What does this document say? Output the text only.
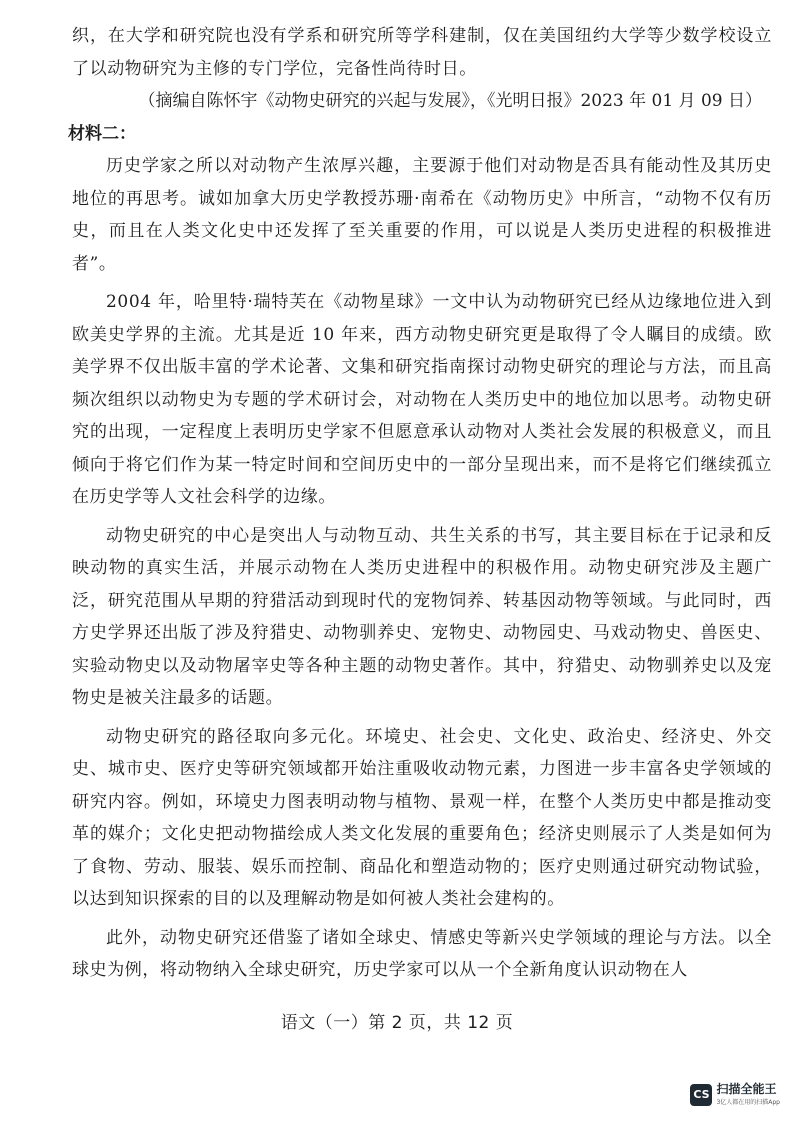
织，在大学和研究院也没有学系和研究所等学科建制，仅在美国纽约大学等少数学校设立了以动物研究为主修的专门学位，完备性尚待时日。

（摘编自陈怀宇《动物史研究的兴起与发展》，《光明日报》2023 年 01 月 09 日）

材料二：

历史学家之所以对动物产生浓厚兴趣，主要源于他们对动物是否具有能动性及其历史地位的再思考。诚如加拿大历史学教授苏珊·南希在《动物历史》中所言，“动物不仅有历史，而且在人类文化史中还发挥了至关重要的作用，可以说是人类历史进程的积极推进者”。

2004 年，哈里特·瑞特芙在《动物星球》一文中认为动物研究已经从边缘地位进入到欧美史学界的主流。尤其是近 10 年来，西方动物史研究更是取得了令人瞩目的成绩。欧美学界不仅出版丰富的学术论著、文集和研究指南探讨动物史研究的理论与方法，而且高频次组织以动物史为专题的学术研讨会，对动物在人类历史中的地位加以思考。动物史研究的出现，一定程度上表明历史学家不但愿意承认动物对人类社会发展的积极意义，而且倾向于将它们作为某一特定时间和空间历史中的一部分呈现出来，而不是将它们继续孤立在历史学等人文社会科学的边缘。

动物史研究的中心是突出人与动物互动、共生关系的书写，其主要目标在于记录和反映动物的真实生活，并展示动物在人类历史进程中的积极作用。动物史研究涉及主题广泛，研究范围从早期的狩猎活动到现时代的宠物饲养、转基因动物等领域。与此同时，西方史学界还出版了涉及狩猎史、动物驯养史、宠物史、动物园史、马戏动物史、兽医史、实验动物史以及动物屠宰史等各种主题的动物史著作。其中，狩猎史、动物驯养史以及宠物史是被关注最多的话题。

动物史研究的路径取向多元化。环境史、社会史、文化史、政治史、经济史、外交史、城市史、医疗史等研究领域都开始注重吸收动物元素，力图进一步丰富各史学领域的研究内容。例如，环境史力图表明动物与植物、景观一样，在整个人类历史中都是推动变革的媒介；文化史把动物描绘成人类文化发展的重要角色；经济史则展示了人类是如何为了食物、劳动、服装、娱乐而控制、商品化和塑造动物的；医疗史则通过研究动物试验，以达到知识探索的目的以及理解动物是如何被人类社会建构的。

此外，动物史研究还借鉴了诸如全球史、情感史等新兴史学领域的理论与方法。以全球史为例，将动物纳入全球史研究，历史学家可以从一个全新角度认识动物在人

语文（一）第 2 页，共 12 页
CS 扫描全能王
3亿人都在用的扫描App
